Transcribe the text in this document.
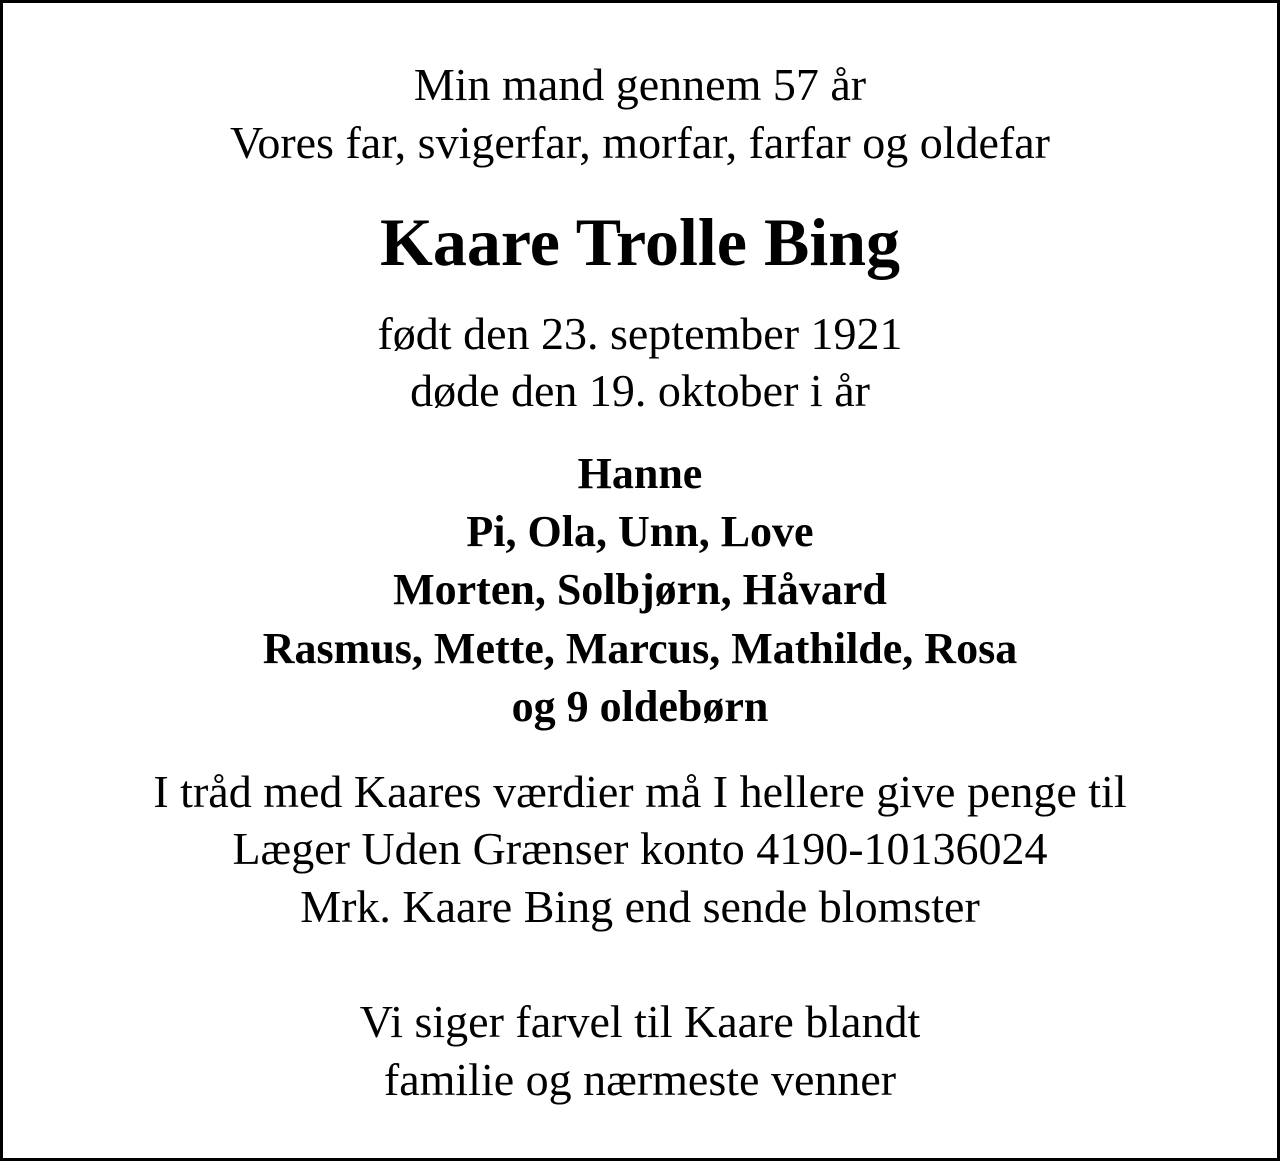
Min mand gennem 57 år
Vores far, svigerfar, morfar, farfar og oldefar
Kaare Trolle Bing
født den 23. september 1921
døde den 19. oktober i år
Hanne
Pi, Ola, Unn, Love
Morten, Solbjørn, Håvard
Rasmus, Mette, Marcus, Mathilde, Rosa
og 9 oldebørn
I tråd med Kaares værdier må I hellere give penge til
Læger Uden Grænser konto 4190-10136024
Mrk. Kaare Bing end sende blomster
Vi siger farvel til Kaare blandt
familie og nærmeste venner
